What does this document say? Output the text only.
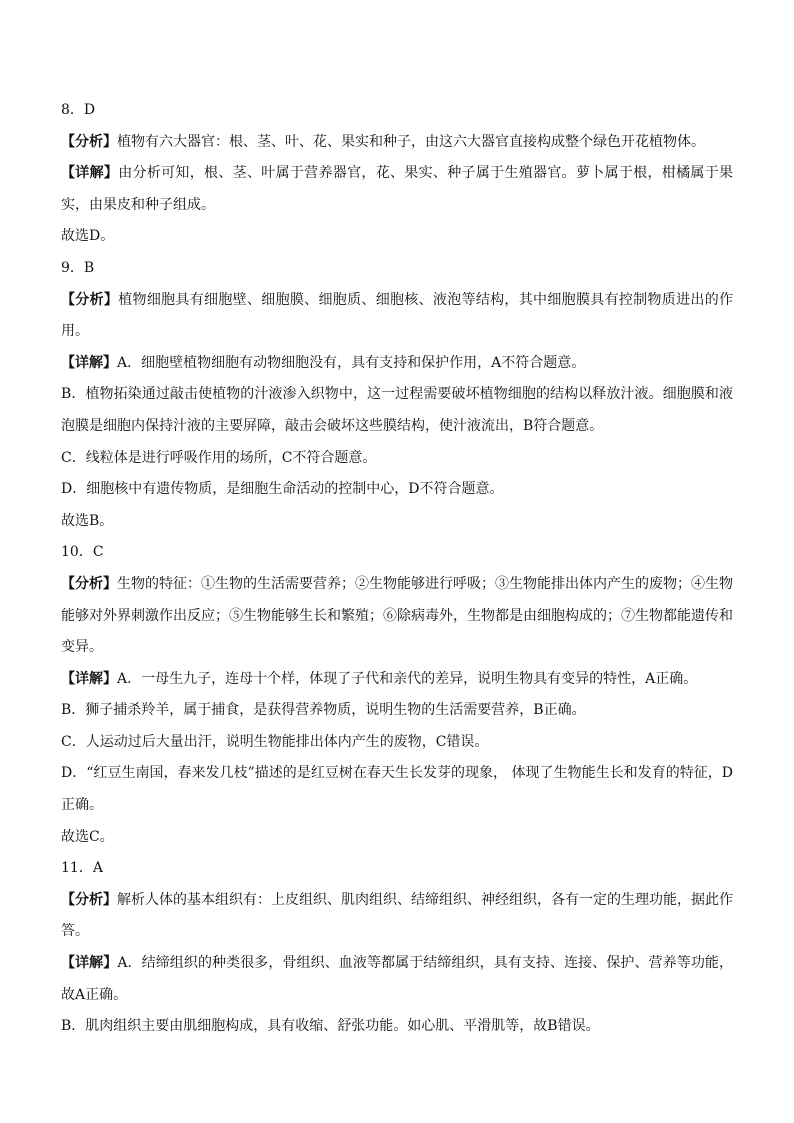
8．D
【分析】植物有六大器官：根、茎、叶、花、果实和种子，由这六大器官直接构成整个绿色开花植物体。
【详解】由分析可知，根、茎、叶属于营养器官，花、果实、种子属于生殖器官。萝卜属于根，柑橘属于果实，由果皮和种子组成。
故选D。
9．B
【分析】植物细胞具有细胞壁、细胞膜、细胞质、细胞核、液泡等结构，其中细胞膜具有控制物质进出的作用。
【详解】A．细胞壁植物细胞有动物细胞没有，具有支持和保护作用，A不符合题意。
B．植物拓染通过敲击使植物的汁液渗入织物中，这一过程需要破坏植物细胞的结构以释放汁液。细胞膜和液泡膜是细胞内保持汁液的主要屏障，敲击会破坏这些膜结构，使汁液流出，B符合题意。
C．线粒体是进行呼吸作用的场所，C不符合题意。
D．细胞核中有遗传物质，是细胞生命活动的控制中心，D不符合题意。
故选B。
10．C
【分析】生物的特征：①生物的生活需要营养；②生物能够进行呼吸；③生物能排出体内产生的废物；④生物能够对外界刺激作出反应；⑤生物能够生长和繁殖；⑥除病毒外，生物都是由细胞构成的；⑦生物都能遗传和变异。
【详解】A．一母生九子，连母十个样，体现了子代和亲代的差异，说明生物具有变异的特性，A正确。
B．狮子捕杀羚羊，属于捕食，是获得营养物质，说明生物的生活需要营养，B正确。
C．人运动过后大量出汗，说明生物能排出体内产生的废物，C错误。
D．“红豆生南国，春来发几枝”描述的是红豆树在春天生长发芽的现象， 体现了生物能生长和发育的特征，D正确。
故选C。
11．A
【分析】解析人体的基本组织有：上皮组织、肌肉组织、结缔组织、神经组织，各有一定的生理功能，据此作答。
【详解】A．结缔组织的种类很多，骨组织、血液等都属于结缔组织，具有支持、连接、保护、营养等功能，故A正确。
B．肌肉组织主要由肌细胞构成，具有收缩、舒张功能。如心肌、平滑肌等，故B错误。
